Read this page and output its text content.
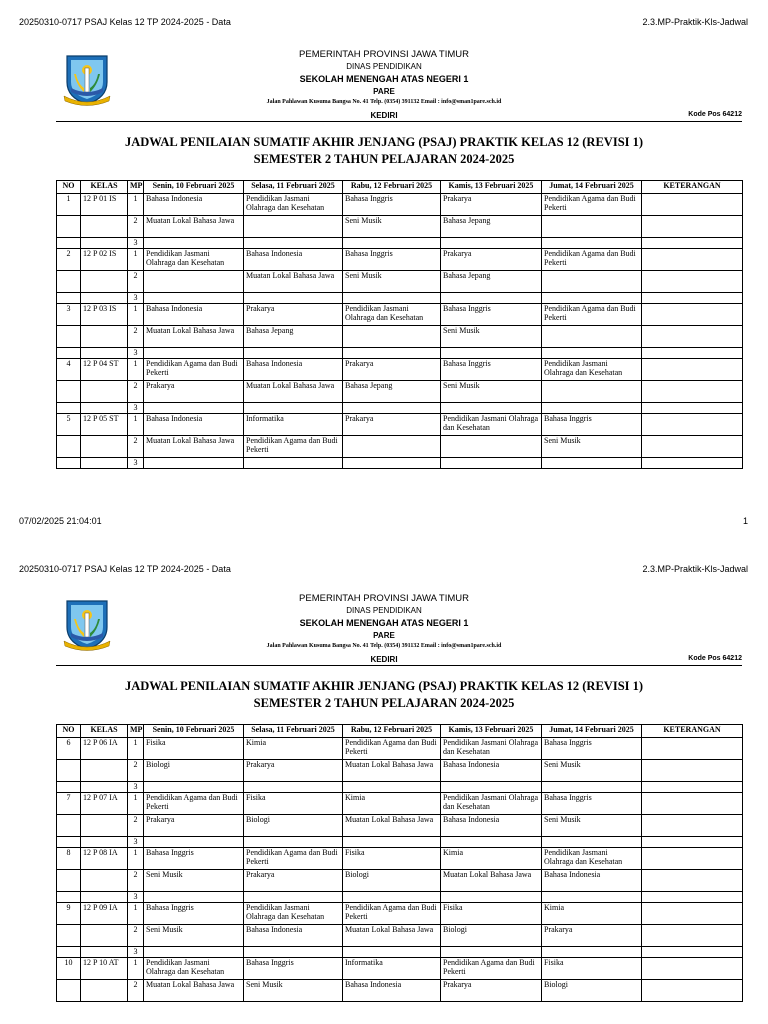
20250310-0717 PSAJ Kelas 12 TP 2024-2025 - Data	2.3.MP-Praktik-Kls-Jadwal
PEMERINTAH PROVINSI JAWA TIMUR
DINAS PENDIDIKAN
SEKOLAH MENENGAH ATAS NEGERI 1
PARE
Jalan Pahlawan Kusuma Bangsa No. 41 Telp. (0354) 391132 Email : info@sman1pare.sch.id
KEDIRI	Kode Pos 64212
JADWAL PENILAIAN SUMATIF AKHIR JENJANG (PSAJ) PRAKTIK KELAS 12 (REVISI 1)
SEMESTER 2 TAHUN PELAJARAN 2024-2025
NO	KELAS	MP	Senin, 10 Februari 2025	Selasa, 11 Februari 2025	Rabu, 12 Februari 2025	Kamis, 13 Februari 2025	Jumat, 14 Februari 2025	KETERANGAN
1	12 P 01 IS	1	Bahasa Indonesia	Pendidikan Jasmani Olahraga dan Kesehatan	Bahasa Inggris	Prakarya	Pendidikan Agama dan Budi Pekerti	
		2	Muatan Lokal Bahasa Jawa		Seni Musik	Bahasa Jepang		
		3						
2	12 P 02 IS	1	Pendidikan Jasmani Olahraga dan Kesehatan	Bahasa Indonesia	Bahasa Inggris	Prakarya	Pendidikan Agama dan Budi Pekerti	
		2		Muatan Lokal Bahasa Jawa	Seni Musik	Bahasa Jepang		
		3						
3	12 P 03 IS	1	Bahasa Indonesia	Prakarya	Pendidikan Jasmani Olahraga dan Kesehatan	Bahasa Inggris	Pendidikan Agama dan Budi Pekerti	
		2	Muatan Lokal Bahasa Jawa	Bahasa Jepang		Seni Musik		
		3						
4	12 P 04 ST	1	Pendidikan Agama dan Budi Pekerti	Bahasa Indonesia	Prakarya	Bahasa Inggris	Pendidikan Jasmani Olahraga dan Kesehatan	
		2	Prakarya	Muatan Lokal Bahasa Jawa	Bahasa Jepang	Seni Musik		
		3						
5	12 P 05 ST	1	Bahasa Indonesia	Informatika	Prakarya	Pendidikan Jasmani Olahraga dan Kesehatan	Bahasa Inggris	
		2	Muatan Lokal Bahasa Jawa	Pendidikan Agama dan Budi Pekerti			Seni Musik	
		3						
07/02/2025 21:04:01	1
20250310-0717 PSAJ Kelas 12 TP 2024-2025 - Data	2.3.MP-Praktik-Kls-Jadwal
PEMERINTAH PROVINSI JAWA TIMUR
DINAS PENDIDIKAN
SEKOLAH MENENGAH ATAS NEGERI 1
PARE
Jalan Pahlawan Kusuma Bangsa No. 41 Telp. (0354) 391132 Email : info@sman1pare.sch.id
KEDIRI	Kode Pos 64212
JADWAL PENILAIAN SUMATIF AKHIR JENJANG (PSAJ) PRAKTIK KELAS 12 (REVISI 1)
SEMESTER 2 TAHUN PELAJARAN 2024-2025
NO	KELAS	MP	Senin, 10 Februari 2025	Selasa, 11 Februari 2025	Rabu, 12 Februari 2025	Kamis, 13 Februari 2025	Jumat, 14 Februari 2025	KETERANGAN
6	12 P 06 IA	1	Fisika	Kimia	Pendidikan Agama dan Budi Pekerti	Pendidikan Jasmani Olahraga dan Kesehatan	Bahasa Inggris	
		2	Biologi	Prakarya	Muatan Lokal Bahasa Jawa	Bahasa Indonesia	Seni Musik	
		3						
7	12 P 07 IA	1	Pendidikan Agama dan Budi Pekerti	Fisika	Kimia	Pendidikan Jasmani Olahraga dan Kesehatan	Bahasa Inggris	
		2	Prakarya	Biologi	Muatan Lokal Bahasa Jawa	Bahasa Indonesia	Seni Musik	
		3						
8	12 P 08 IA	1	Bahasa Inggris	Pendidikan Agama dan Budi Pekerti	Fisika	Kimia	Pendidikan Jasmani Olahraga dan Kesehatan	
		2	Seni Musik	Prakarya	Biologi	Muatan Lokal Bahasa Jawa	Bahasa Indonesia	
		3						
9	12 P 09 IA	1	Bahasa Inggris	Pendidikan Jasmani Olahraga dan Kesehatan	Pendidikan Agama dan Budi Pekerti	Fisika	Kimia	
		2	Seni Musik	Bahasa Indonesia	Muatan Lokal Bahasa Jawa	Biologi	Prakarya	
		3						
10	12 P 10 AT	1	Pendidikan Jasmani Olahraga dan Kesehatan	Bahasa Inggris	Informatika	Pendidikan Agama dan Budi Pekerti	Fisika	
		2	Muatan Lokal Bahasa Jawa	Seni Musik	Bahasa Indonesia	Prakarya	Biologi	
